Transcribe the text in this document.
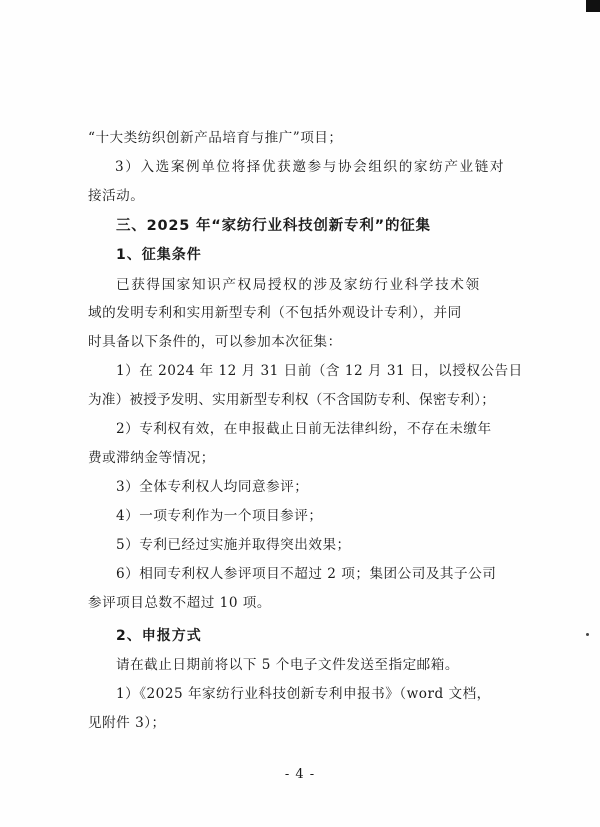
“十大类纺织创新产品培育与推广”项目；
3）入选案例单位将择优获邀参与协会组织的家纺产业链对
接活动。
三、2025 年“家纺行业科技创新专利”的征集
1、征集条件
已获得国家知识产权局授权的涉及家纺行业科学技术领
域的发明专利和实用新型专利（不包括外观设计专利），并同
时具备以下条件的，可以参加本次征集：
1）在 2024 年 12 月 31 日前（含 12 月 31 日，以授权公告日
为准）被授予发明、实用新型专利权（不含国防专利、保密专利）；
2）专利权有效，在申报截止日前无法律纠纷，不存在未缴年
费或滞纳金等情况；
3）全体专利权人均同意参评；
4）一项专利作为一个项目参评；
5）专利已经过实施并取得突出效果；
6）相同专利权人参评项目不超过 2 项；集团公司及其子公司
参评项目总数不超过 10 项。
2、申报方式
请在截止日期前将以下 5 个电子文件发送至指定邮箱。
1）《2025 年家纺行业科技创新专利申报书》（word 文档，
见附件 3）；
- 4 -
